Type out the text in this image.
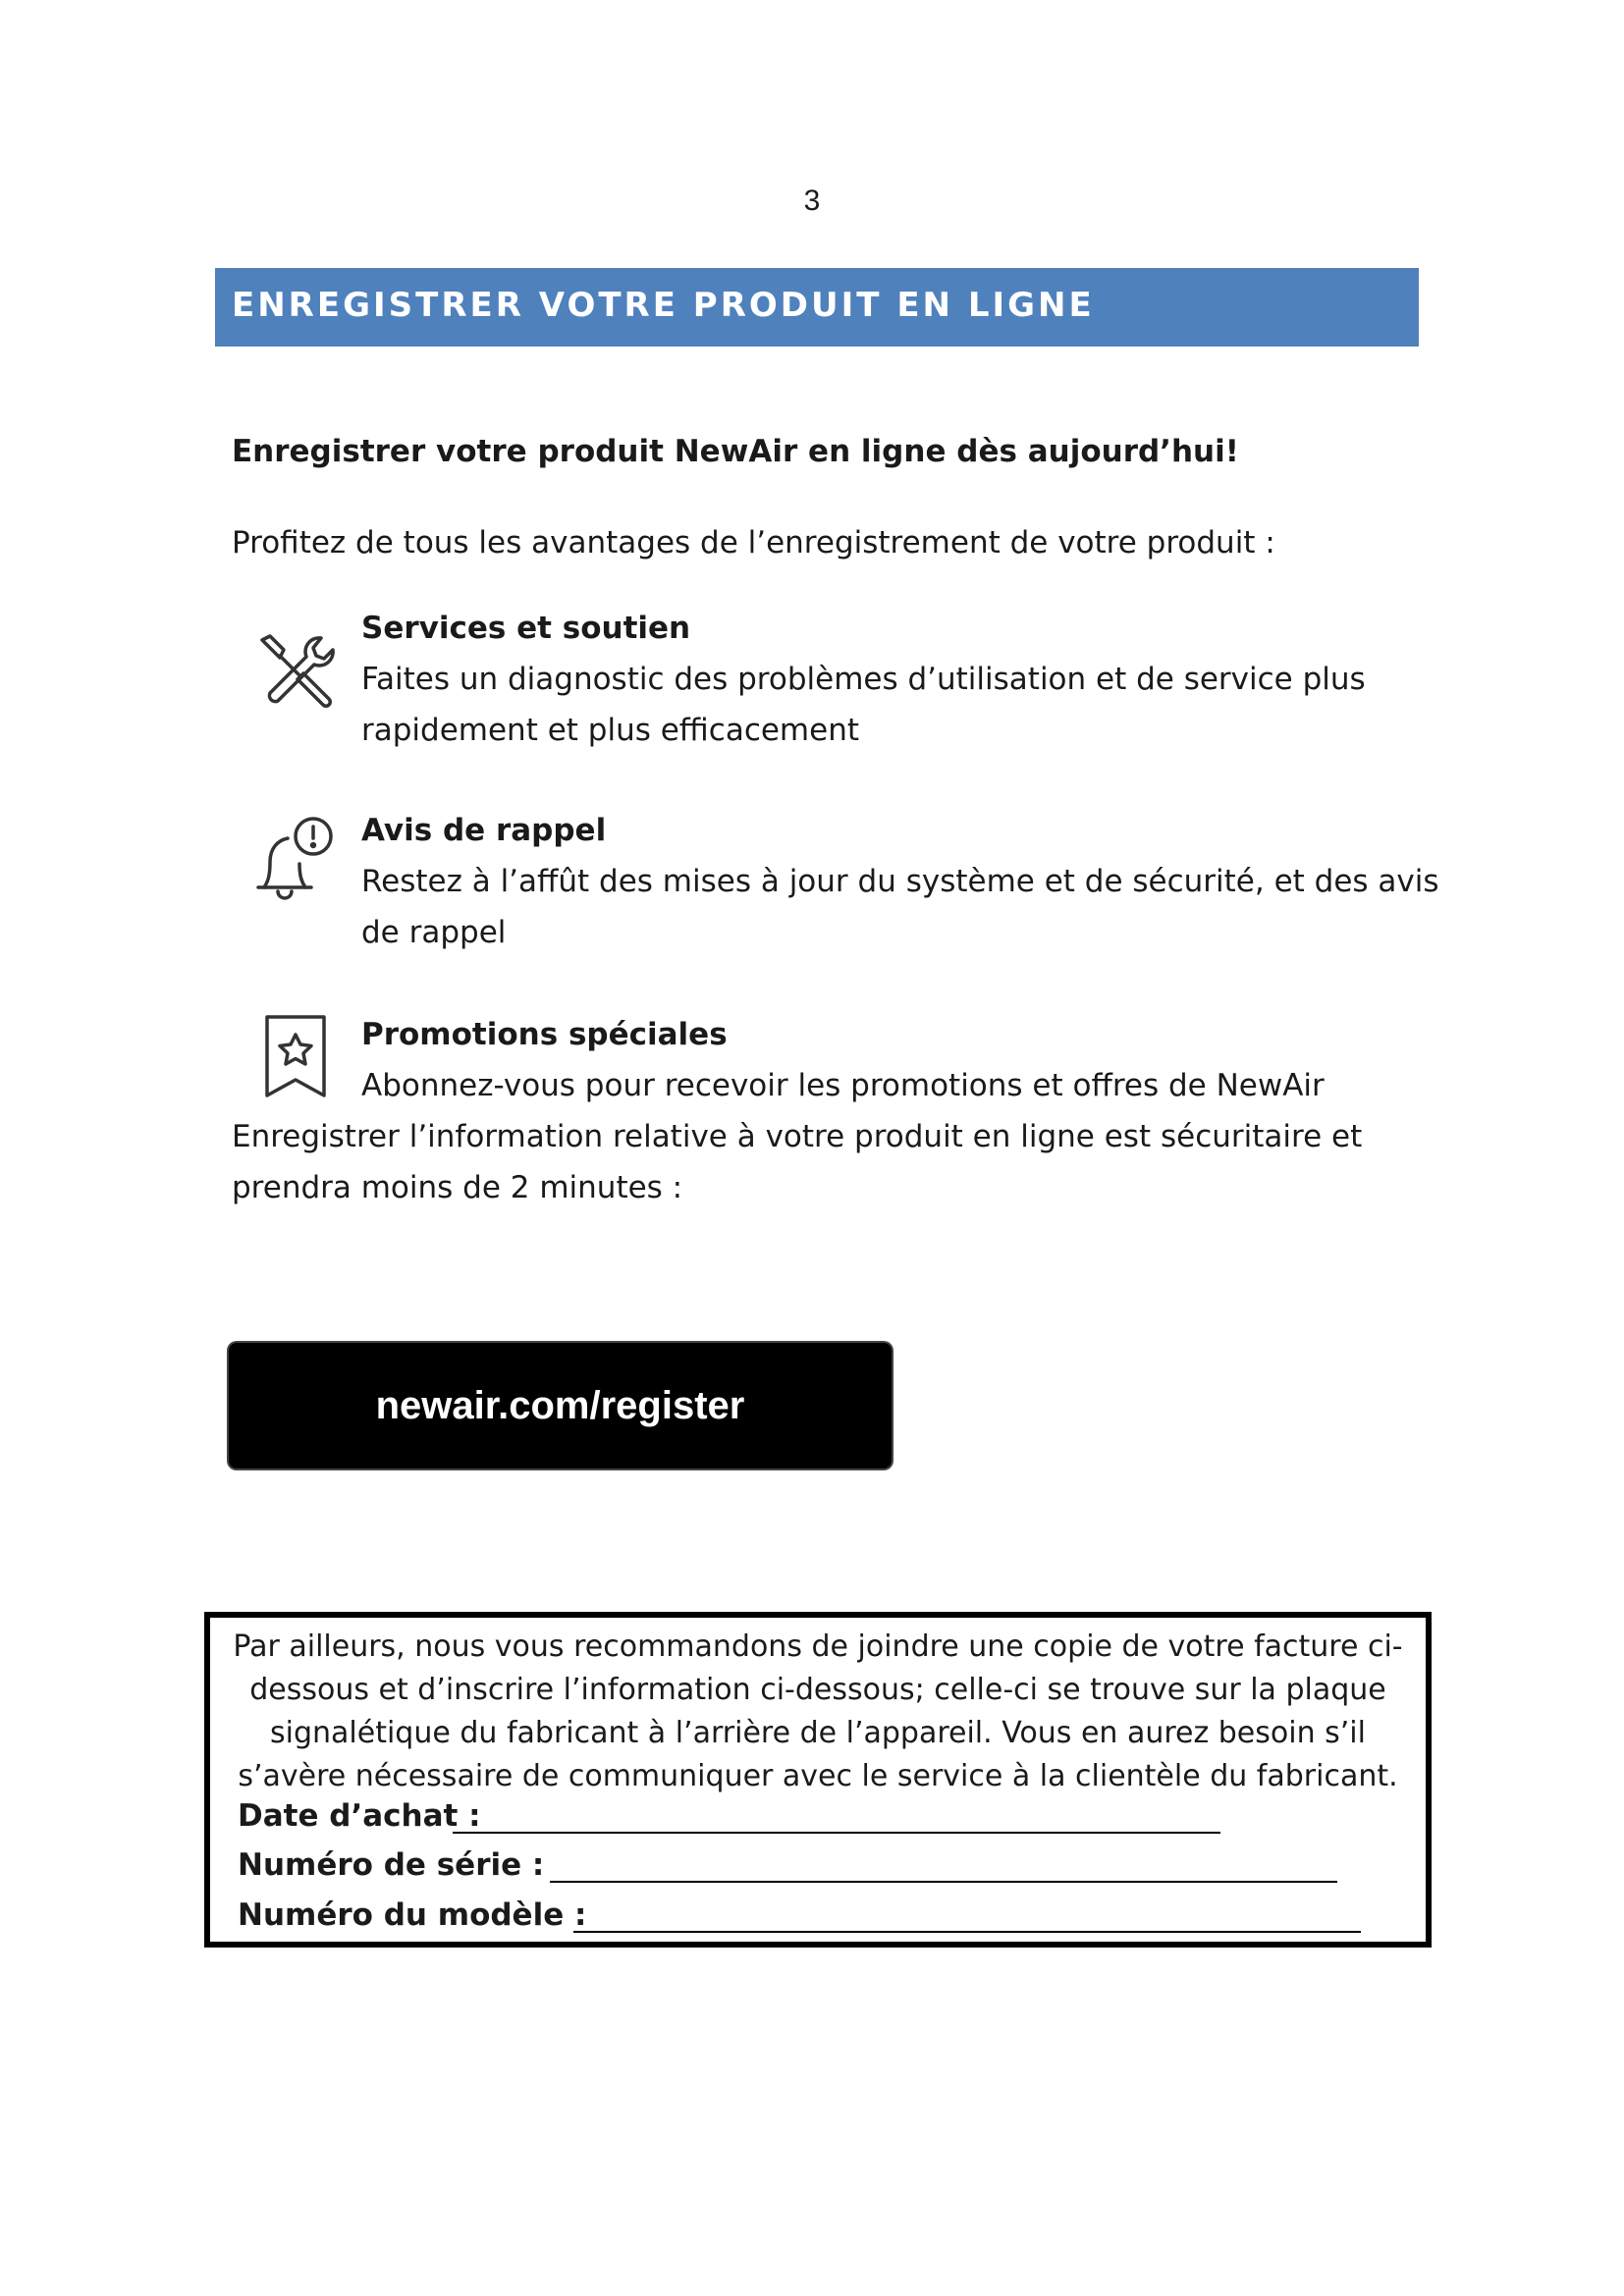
3
ENREGISTRER VOTRE PRODUIT EN LIGNE
Enregistrer votre produit NewAir en ligne dès aujourd’hui!
Profitez de tous les avantages de l’enregistrement de votre produit :
Services et soutien
Faites un diagnostic des problèmes d’utilisation et de service plus
rapidement et plus efficacement
Avis de rappel
Restez à l’affût des mises à jour du système et de sécurité, et des avis
de rappel
Promotions spéciales
Abonnez-vous pour recevoir les promotions et offres de NewAir
Enregistrer l’information relative à votre produit en ligne est sécuritaire et
prendra moins de 2 minutes :
newair.com/register
Par ailleurs, nous vous recommandons de joindre une copie de votre facture ci-
dessous et d’inscrire l’information ci-dessous; celle-ci se trouve sur la plaque
signalétique du fabricant à l’arrière de l’appareil. Vous en aurez besoin s’il
s’avère nécessaire de communiquer avec le service à la clientèle du fabricant.
Date d’achat :
Numéro de série :
Numéro du modèle :
